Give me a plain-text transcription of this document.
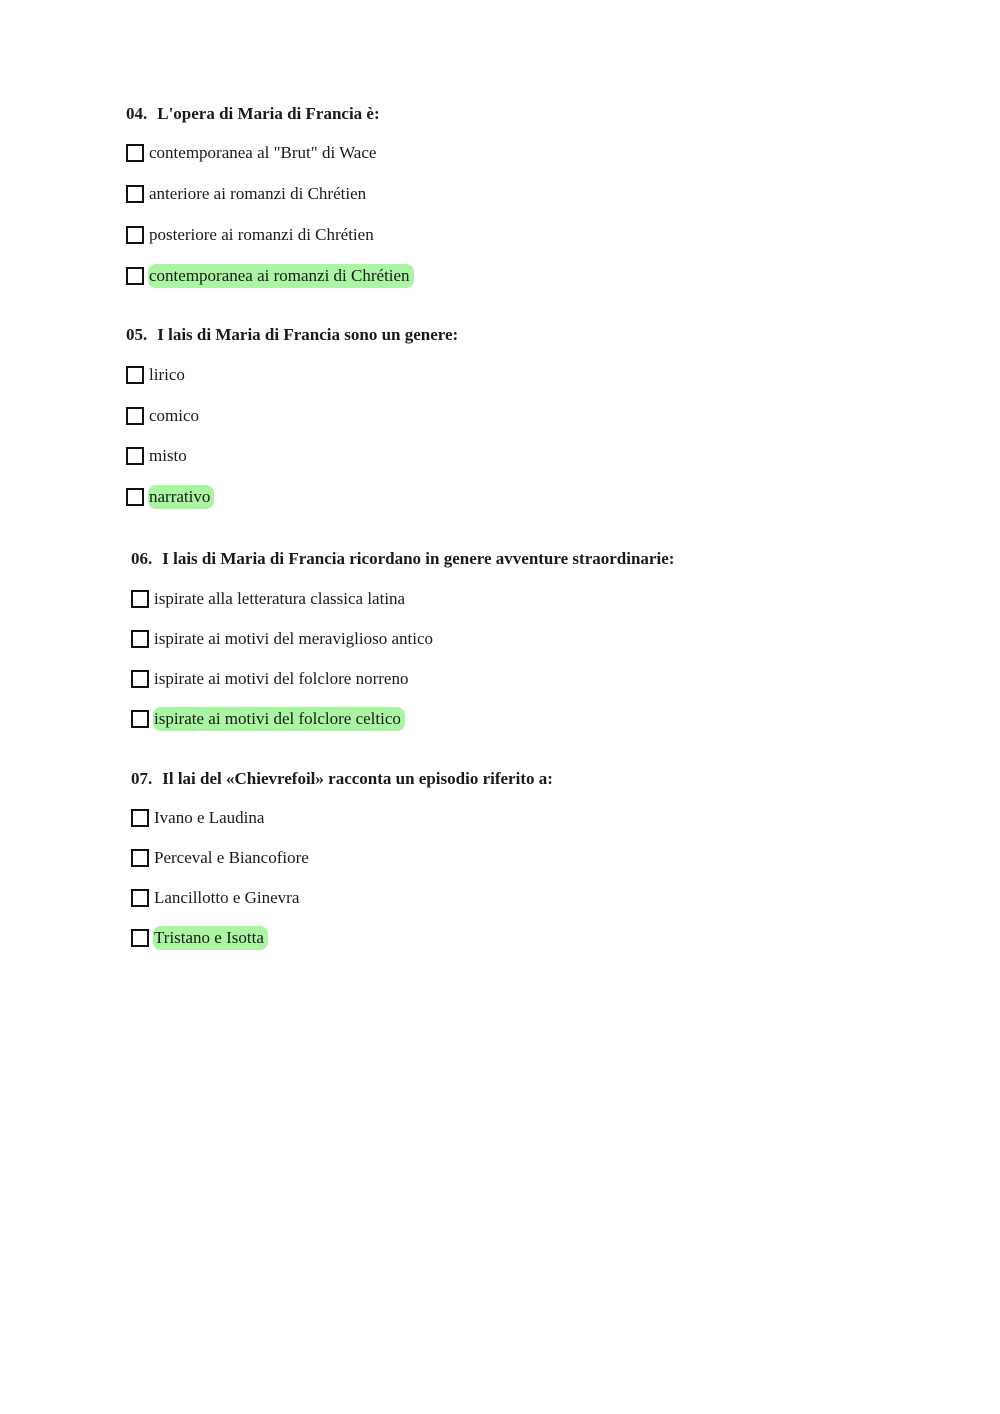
04. L'opera di Maria di Francia è:
contemporanea al "Brut" di Wace
anteriore ai romanzi di Chrétien
posteriore ai romanzi di Chrétien
contemporanea ai romanzi di Chrétien
05. I lais di Maria di Francia sono un genere:
lirico
comico
misto
narrativo
06. I lais di Maria di Francia ricordano in genere avventure straordinarie:
ispirate alla letteratura classica latina
ispirate ai motivi del meraviglioso antico
ispirate ai motivi del folclore norreno
ispirate ai motivi del folclore celtico
07. Il lai del «Chievrefoil» racconta un episodio riferito a:
Ivano e Laudina
Perceval e Biancofiore
Lancillotto e Ginevra
Tristano e Isotta
